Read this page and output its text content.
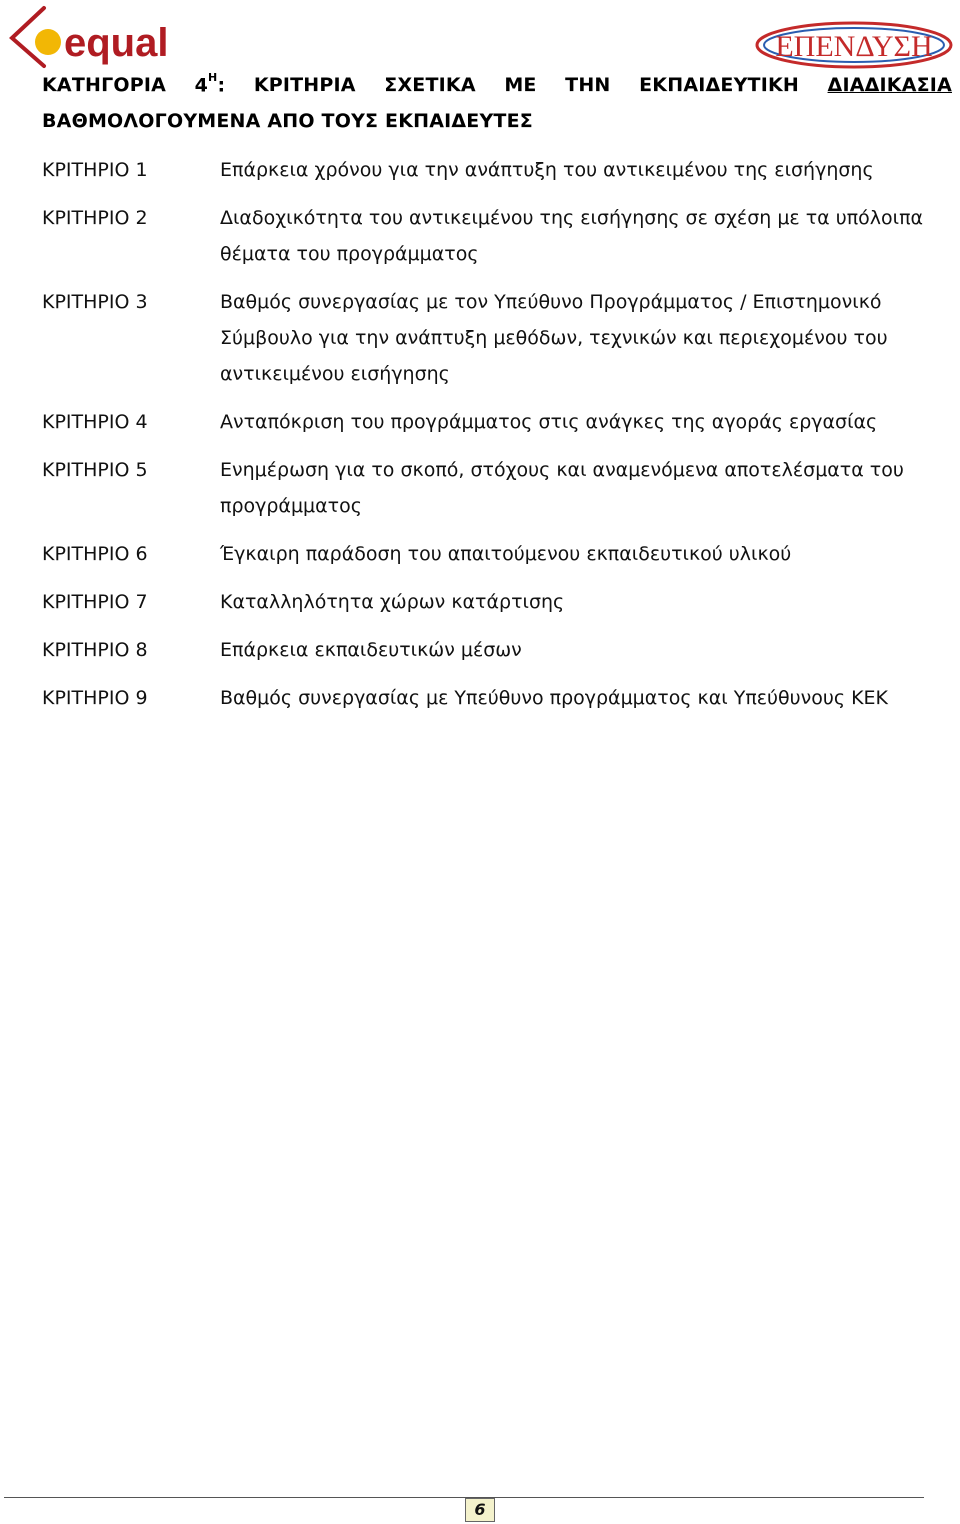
equal	ΕΠΕΝΔΥΣΗ
ΚΑΤΗΓΟΡΙΑ $4^H$: ΚΡΙΤΗΡΙΑ ΣΧΕΤΙΚΑ ΜΕ ΤΗΝ ΕΚΠΑΙΔΕΥΤΙΚΗ ΔΙΑΔΙΚΑΣΙΑ
ΒΑΘΜΟΛΟΓΟΥΜΕΝΑ ΑΠΟ ΤΟΥΣ ΕΚΠΑΙΔΕΥΤΕΣ
ΚΡΙΤΗΡΙΟ 1	Επάρκεια χρόνου για την ανάπτυξη του αντικειμένου της εισήγησης
ΚΡΙΤΗΡΙΟ 2	Διαδοχικότητα του αντικειμένου της εισήγησης σε σχέση με τα υπόλοιπα θέματα του προγράμματος
ΚΡΙΤΗΡΙΟ 3	Βαθμός συνεργασίας με τον Υπεύθυνο Προγράμματος / Επιστημονικό Σύμβουλο για την ανάπτυξη μεθόδων, τεχνικών και περιεχομένου του αντικειμένου εισήγησης
ΚΡΙΤΗΡΙΟ 4	Ανταπόκριση του προγράμματος στις ανάγκες της αγοράς εργασίας
ΚΡΙΤΗΡΙΟ 5	Ενημέρωση για το σκοπό, στόχους και αναμενόμενα αποτελέσματα του προγράμματος
ΚΡΙΤΗΡΙΟ 6	Έγκαιρη παράδοση του απαιτούμενου εκπαιδευτικού υλικού
ΚΡΙΤΗΡΙΟ 7	Καταλληλότητα χώρων κατάρτισης
ΚΡΙΤΗΡΙΟ 8	Επάρκεια εκπαιδευτικών μέσων
ΚΡΙΤΗΡΙΟ 9	Βαθμός συνεργασίας με Υπεύθυνο προγράμματος και Υπεύθυνους ΚΕΚ
6
